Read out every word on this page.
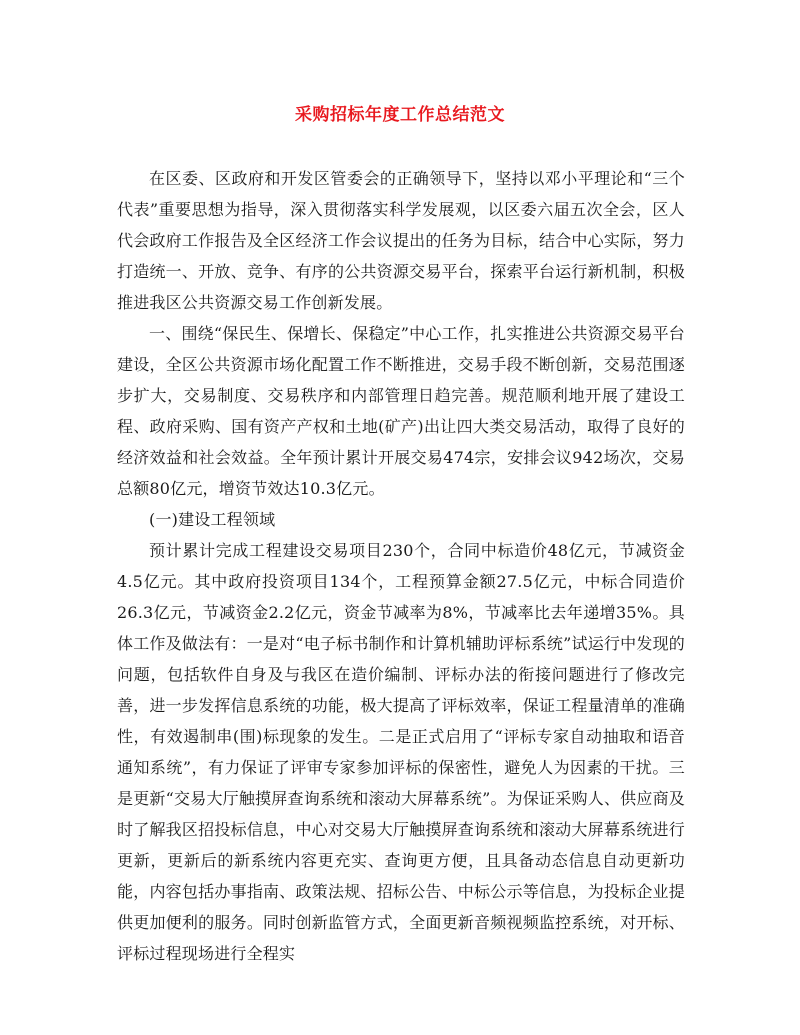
采购招标年度工作总结范文

在区委、区政府和开发区管委会的正确领导下，坚持以邓小平理论和“三个代表”重要思想为指导，深入贯彻落实科学发展观，以区委六届五次全会，区人代会政府工作报告及全区经济工作会议提出的任务为目标，结合中心实际，努力打造统一、开放、竞争、有序的公共资源交易平台，探索平台运行新机制，积极推进我区公共资源交易工作创新发展。

一、围绕“保民生、保增长、保稳定”中心工作，扎实推进公共资源交易平台建设，全区公共资源市场化配置工作不断推进，交易手段不断创新，交易范围逐步扩大，交易制度、交易秩序和内部管理日趋完善。规范顺利地开展了建设工程、政府采购、国有资产产权和土地(矿产)出让四大类交易活动，取得了良好的经济效益和社会效益。全年预计累计开展交易474宗，安排会议942场次，交易总额80亿元，增资节效达10.3亿元。

(一)建设工程领域

预计累计完成工程建设交易项目230个，合同中标造价48亿元，节减资金4.5亿元。其中政府投资项目134个，工程预算金额27.5亿元，中标合同造价26.3亿元，节减资金2.2亿元，资金节减率为8%，节减率比去年递增35%。具体工作及做法有：一是对“电子标书制作和计算机辅助评标系统”试运行中发现的问题，包括软件自身及与我区在造价编制、评标办法的衔接问题进行了修改完善，进一步发挥信息系统的功能，极大提高了评标效率，保证工程量清单的准确性，有效遏制串(围)标现象的发生。二是正式启用了“评标专家自动抽取和语音通知系统”，有力保证了评审专家参加评标的保密性，避免人为因素的干扰。三是更新“交易大厅触摸屏查询系统和滚动大屏幕系统”。为保证采购人、供应商及时了解我区招投标信息，中心对交易大厅触摸屏查询系统和滚动大屏幕系统进行更新，更新后的新系统内容更充实、查询更方便，且具备动态信息自动更新功能，内容包括办事指南、政策法规、招标公告、中标公示等信息，为投标企业提供更加便利的服务。同时创新监管方式，全面更新音频视频监控系统，对开标、评标过程现场进行全程实
